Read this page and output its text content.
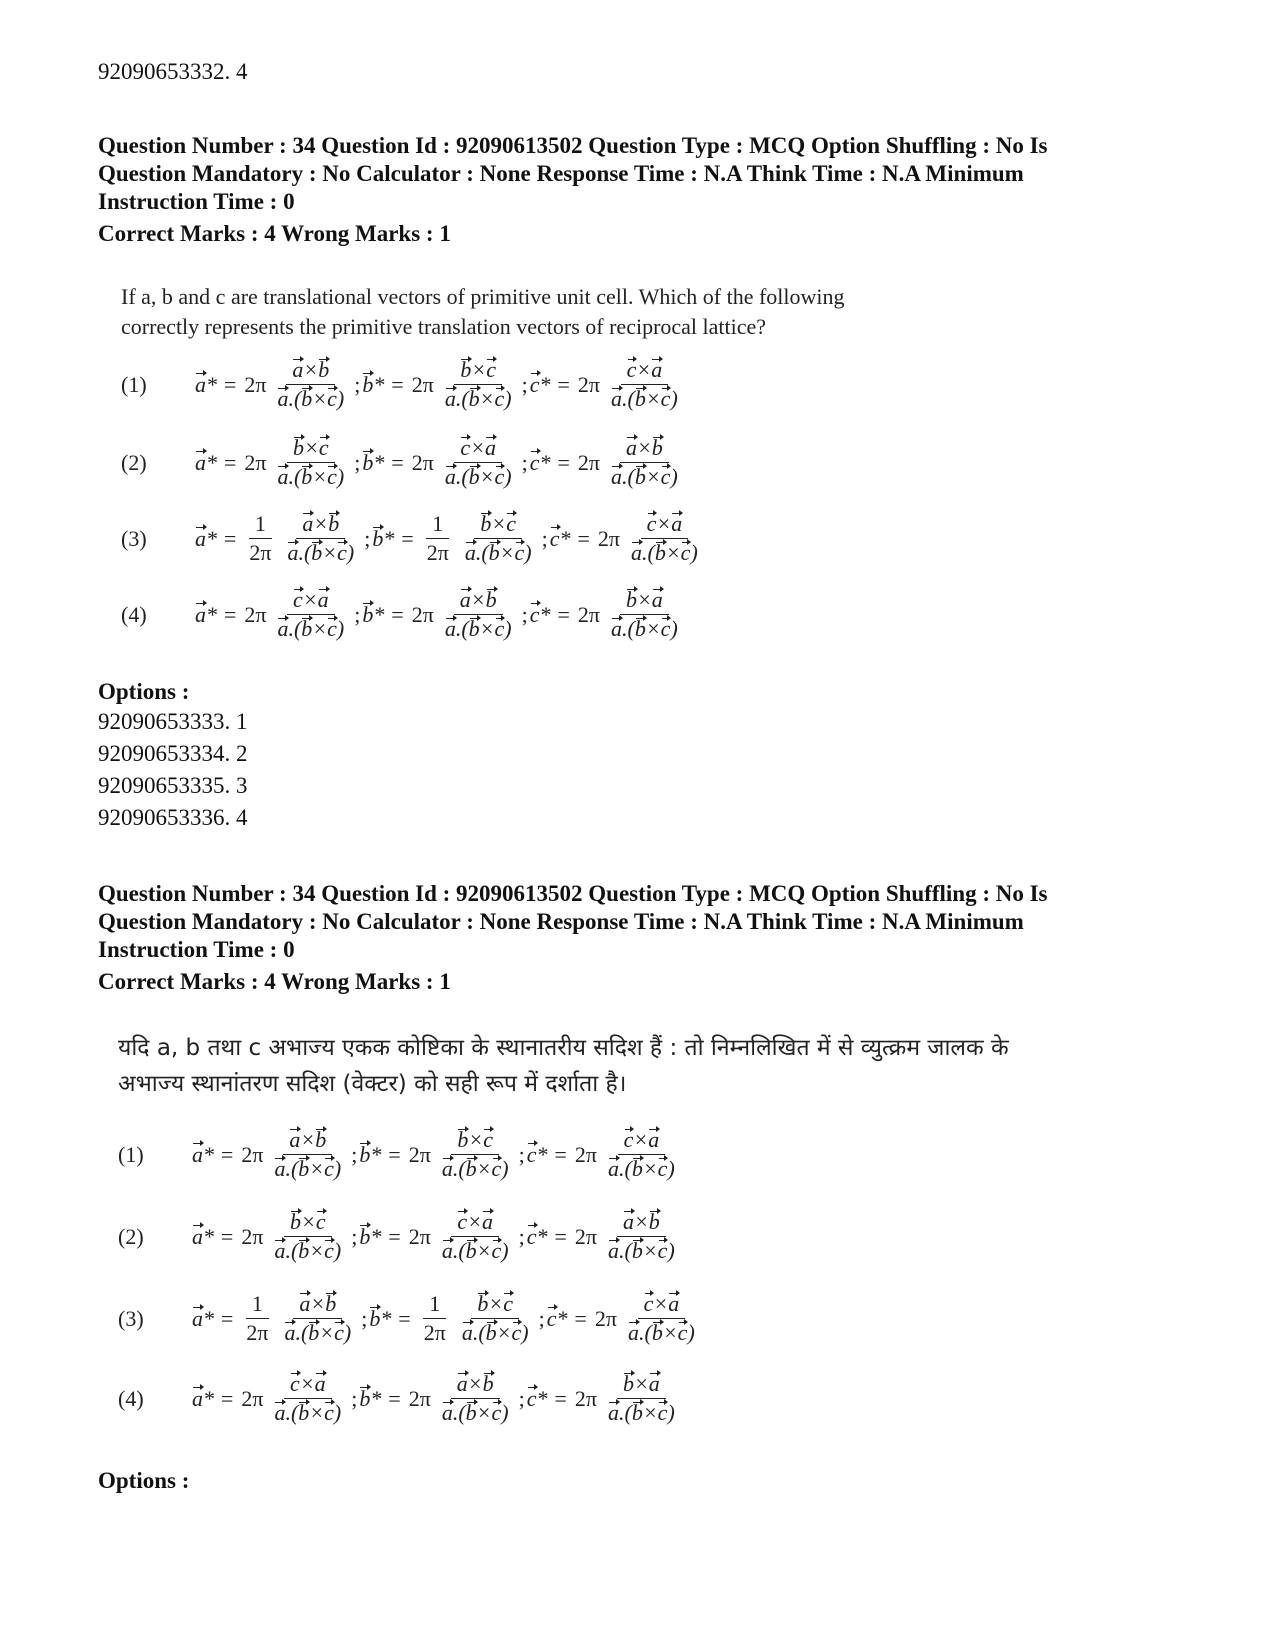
92090653332. 4
Question Number : 34 Question Id : 92090613502 Question Type : MCQ Option Shuffling : No Is
Question Mandatory : No Calculator : None Response Time : N.A Think Time : N.A Minimum
Instruction Time : 0
Correct Marks : 4 Wrong Marks : 1
If a, b and c are translational vectors of primitive unit cell. Which of the following
correctly represents the primitive translation vectors of reciprocal lattice?
(1)	$a* = 2\pi \frac{a\times b}{a.(b\times c)}$ ; $b* = 2\pi \frac{b\times c}{a.(b\times c)}$ ; $c* = 2\pi \frac{c\times a}{a.(b\times c)}$
(2)	$a* = 2\pi \frac{b\times c}{a.(b\times c)}$ ; $b* = 2\pi \frac{c\times a}{a.(b\times c)}$ ; $c* = 2\pi \frac{a\times b}{a.(b\times c)}$
(3)	$a* = \frac{1}{2\pi} \frac{a\times b}{a.(b\times c)}$ ; $b* = \frac{1}{2\pi} \frac{b\times c}{a.(b\times c)}$ ; $c* = 2\pi \frac{c\times a}{a.(b\times c)}$
(4)	$a* = 2\pi \frac{c\times a}{a.(b\times c)}$ ; $b* = 2\pi \frac{a\times b}{a.(b\times c)}$ ; $c* = 2\pi \frac{b\times a}{a.(b\times c)}$
Options :
92090653333. 1
92090653334. 2
92090653335. 3
92090653336. 4
Question Number : 34 Question Id : 92090613502 Question Type : MCQ Option Shuffling : No Is
Question Mandatory : No Calculator : None Response Time : N.A Think Time : N.A Minimum
Instruction Time : 0
Correct Marks : 4 Wrong Marks : 1
यदि a, b तथा c अभाज्य एकक कोष्टिका के स्थानातरीय सदिश हैं : तो निम्नलिखित में से व्युत्क्रम जालक के
अभाज्य स्थानांतरण सदिश (वेक्टर) को सही रूप में दर्शाता है।
(1)	$a* = 2\pi \frac{a\times b}{a.(b\times c)}$ ; $b* = 2\pi \frac{b\times c}{a.(b\times c)}$ ; $c* = 2\pi \frac{c\times a}{a.(b\times c)}$
(2)	$a* = 2\pi \frac{b\times c}{a.(b\times c)}$ ; $b* = 2\pi \frac{c\times a}{a.(b\times c)}$ ; $c* = 2\pi \frac{a\times b}{a.(b\times c)}$
(3)	$a* = \frac{1}{2\pi} \frac{a\times b}{a.(b\times c)}$ ; $b* = \frac{1}{2\pi} \frac{b\times c}{a.(b\times c)}$ ; $c* = 2\pi \frac{c\times a}{a.(b\times c)}$
(4)	$a* = 2\pi \frac{c\times a}{a.(b\times c)}$ ; $b* = 2\pi \frac{a\times b}{a.(b\times c)}$ ; $c* = 2\pi \frac{b\times a}{a.(b\times c)}$
Options :
